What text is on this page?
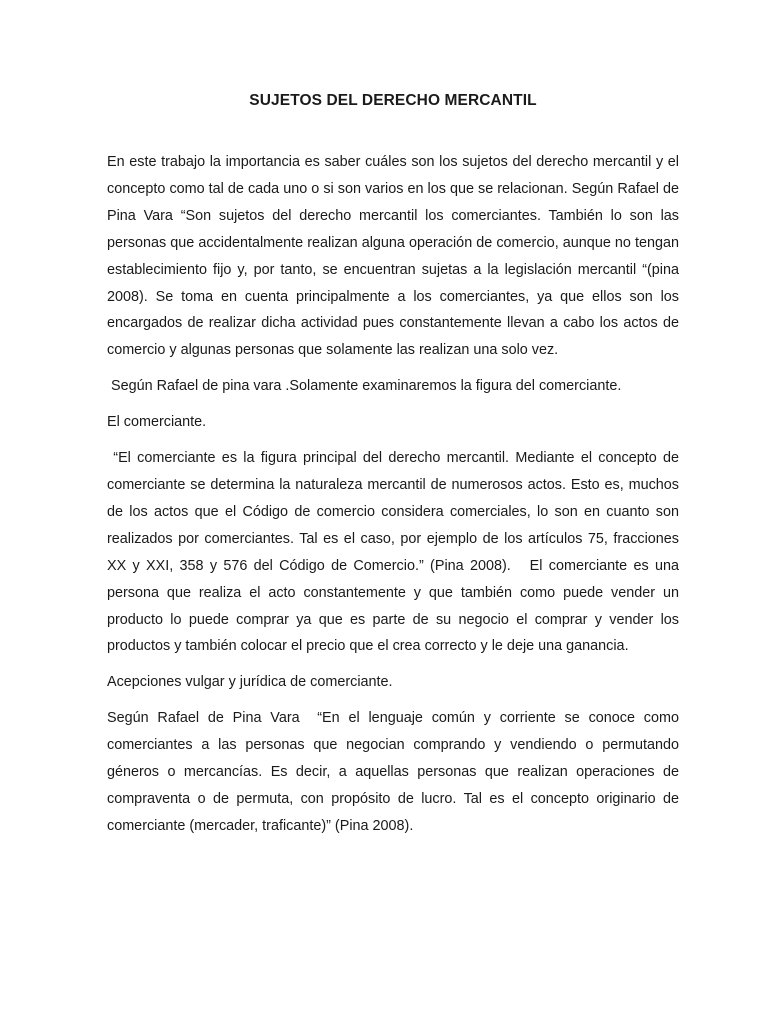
SUJETOS DEL DERECHO MERCANTIL

En este trabajo la importancia es saber cuáles son los sujetos del derecho mercantil y el concepto como tal de cada uno o si son varios en los que se relacionan. Según Rafael de Pina Vara “Son sujetos del derecho mercantil los comerciantes. También lo son las personas que accidentalmente realizan alguna operación de comercio, aunque no tengan establecimiento fijo y, por tanto, se encuentran sujetas a la legislación mercantil “(pina 2008). Se toma en cuenta principalmente a los comerciantes, ya que ellos son los encargados de realizar dicha actividad pues constantemente llevan a cabo los actos de comercio y algunas personas que solamente las realizan una solo vez.

Según Rafael de pina vara .Solamente examinaremos la figura del comerciante.

El comerciante.

“El comerciante es la figura principal del derecho mercantil. Mediante el concepto de comerciante se determina la naturaleza mercantil de numerosos actos. Esto es, muchos de los actos que el Código de comercio considera comerciales, lo son en cuanto son realizados por comerciantes. Tal es el caso, por ejemplo de los artículos 75, fracciones XX y XXI, 358 y 576 del Código de Comercio.” (Pina 2008).   El comerciante es una persona que realiza el acto constantemente y que también como puede vender un producto lo puede comprar ya que es parte de su negocio el comprar y vender los productos y también colocar el precio que el crea correcto y le deje una ganancia.

Acepciones vulgar y jurídica de comerciante.

Según Rafael de Pina Vara  “En el lenguaje común y corriente se conoce como comerciantes a las personas que negocian comprando y vendiendo o permutando géneros o mercancías. Es decir, a aquellas personas que realizan operaciones de compraventa o de permuta, con propósito de lucro. Tal es el concepto originario de comerciante (mercader, traficante)” (Pina 2008).
